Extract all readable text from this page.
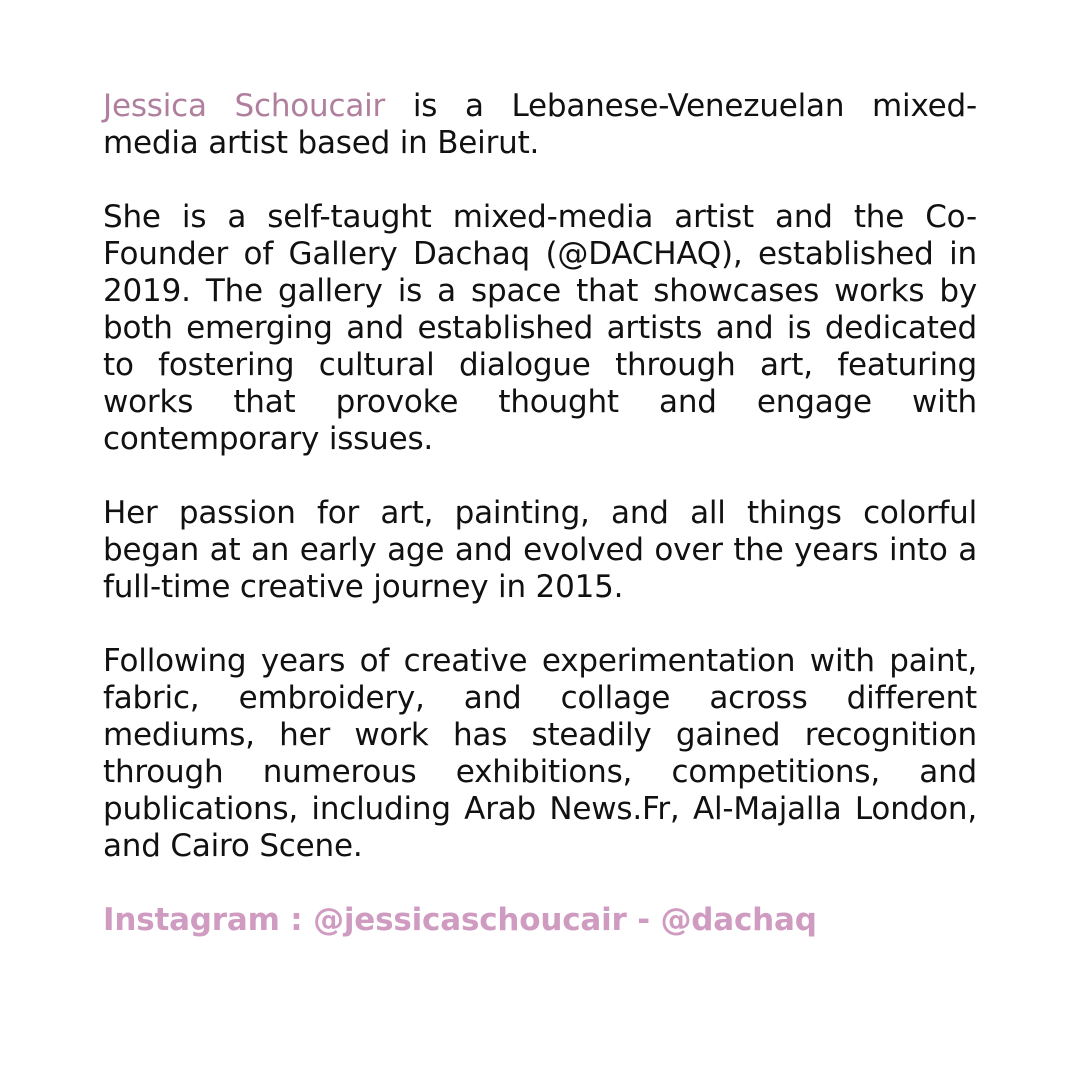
Jessica Schoucair is a Lebanese-Venezuelan mixed-media artist based in Beirut.

She is a self-taught mixed-media artist and the Co-Founder of Gallery Dachaq (@DACHAQ), established in 2019. The gallery is a space that showcases works by both emerging and established artists and is dedicated to fostering cultural dialogue through art, featuring works that provoke thought and engage with contemporary issues.

Her passion for art, painting, and all things colorful began at an early age and evolved over the years into a full-time creative journey in 2015.

Following years of creative experimentation with paint, fabric, embroidery, and collage across different mediums, her work has steadily gained recognition through numerous exhibitions, competitions, and publications, including Arab News.Fr, Al-Majalla London, and Cairo Scene.

Instagram : @jessicaschoucair - @dachaq
